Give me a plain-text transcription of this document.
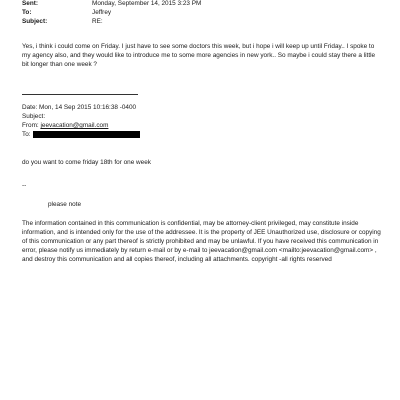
Sent:	Monday, September 14, 2015 3:23 PM
To:	Jeffrey
Subject:	RE:
Yes, i think i could come on Friday. I just have to see some doctors this week, but i hope i will keep up until Friday.. I spoke to my agency also, and they would like to introduce me to some more agencies in new york.. So maybe i could stay there a little bit longer than one week ?
Date: Mon, 14 Sep 2015 10:16:38 -0400
Subject:
From: jeevacation@gmail.com
To:
do you want to come friday 18th for one week
--
please note
The information contained in this communication is confidential, may be attorney-client privileged, may constitute inside information, and is intended only for the use of the addressee. It is the property of JEE Unauthorized use, disclosure or copying of this communication or any part thereof is strictly prohibited and may be unlawful. If you have received this communication in error, please notify us immediately by return e-mail or by e-mail to jeevacation@gmail.com <mailto:jeevacation@gmail.com> , and destroy this communication and all copies thereof, including all attachments. copyright -all rights reserved
